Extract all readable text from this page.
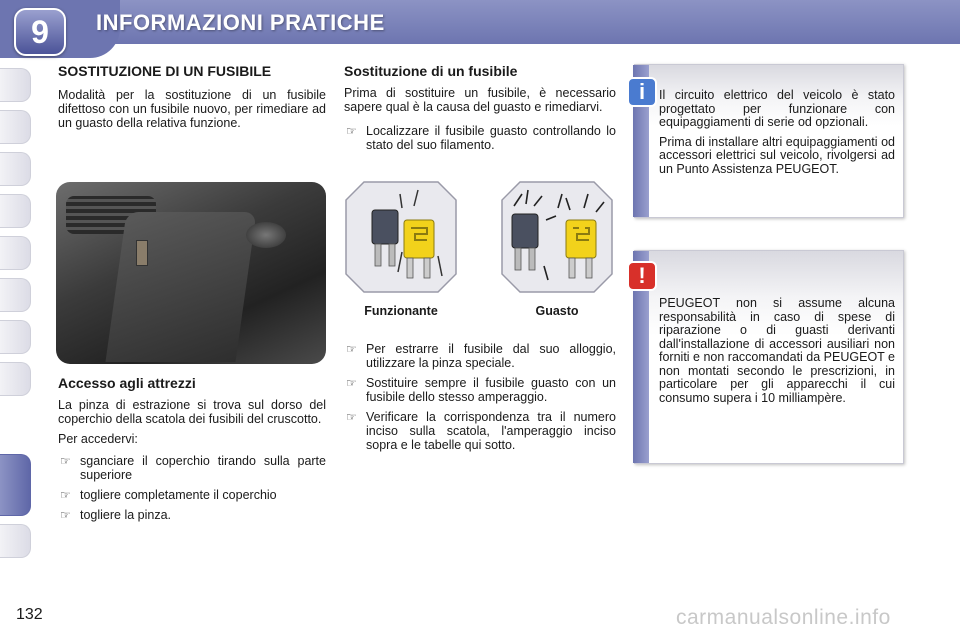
9	INFORMAZIONI PRATICHE
SOSTITUZIONE DI UN FUSIBILE

Modalità per la sostituzione di un fusibile difettoso con un fusibile nuovo, per rimediare ad un guasto della relativa funzione.

Accesso agli attrezzi

La pinza di estrazione si trova sul dorso del coperchio della scatola dei fusibili del cruscotto.

Per accedervi:

☞ sganciare il coperchio tirando sulla parte superiore
☞ togliere completamente il coperchio
☞ togliere la pinza.
Sostituzione di un fusibile

Prima di sostituire un fusibile, è necessario sapere qual è la causa del guasto e rimediarvi.

☞ Localizzare il fusibile guasto controllando lo stato del suo filamento.
Funzionante	Guasto
☞ Per estrarre il fusibile dal suo alloggio, utilizzare la pinza speciale.
☞ Sostituire sempre il fusibile guasto con un fusibile dello stesso amperaggio.
☞ Verificare la corrispondenza tra il numero inciso sulla scatola, l'amperaggio inciso sopra e le tabelle qui sotto.
i	Il circuito elettrico del veicolo è stato progettato per funzionare con equipaggiamenti di serie od opzionali.

Prima di installare altri equipaggiamenti od accessori elettrici sul veicolo, rivolgersi ad un Punto Assistenza PEUGEOT.

!

PEUGEOT non si assume alcuna responsabilità in caso di spese di riparazione o di guasti derivanti dall'installazione di accessori ausiliari non forniti e non raccomandati da PEUGEOT e non montati secondo le prescrizioni, in particolare per gli apparecchi il cui consumo supera i 10 milliampère.

132	carmanualsonline.info
